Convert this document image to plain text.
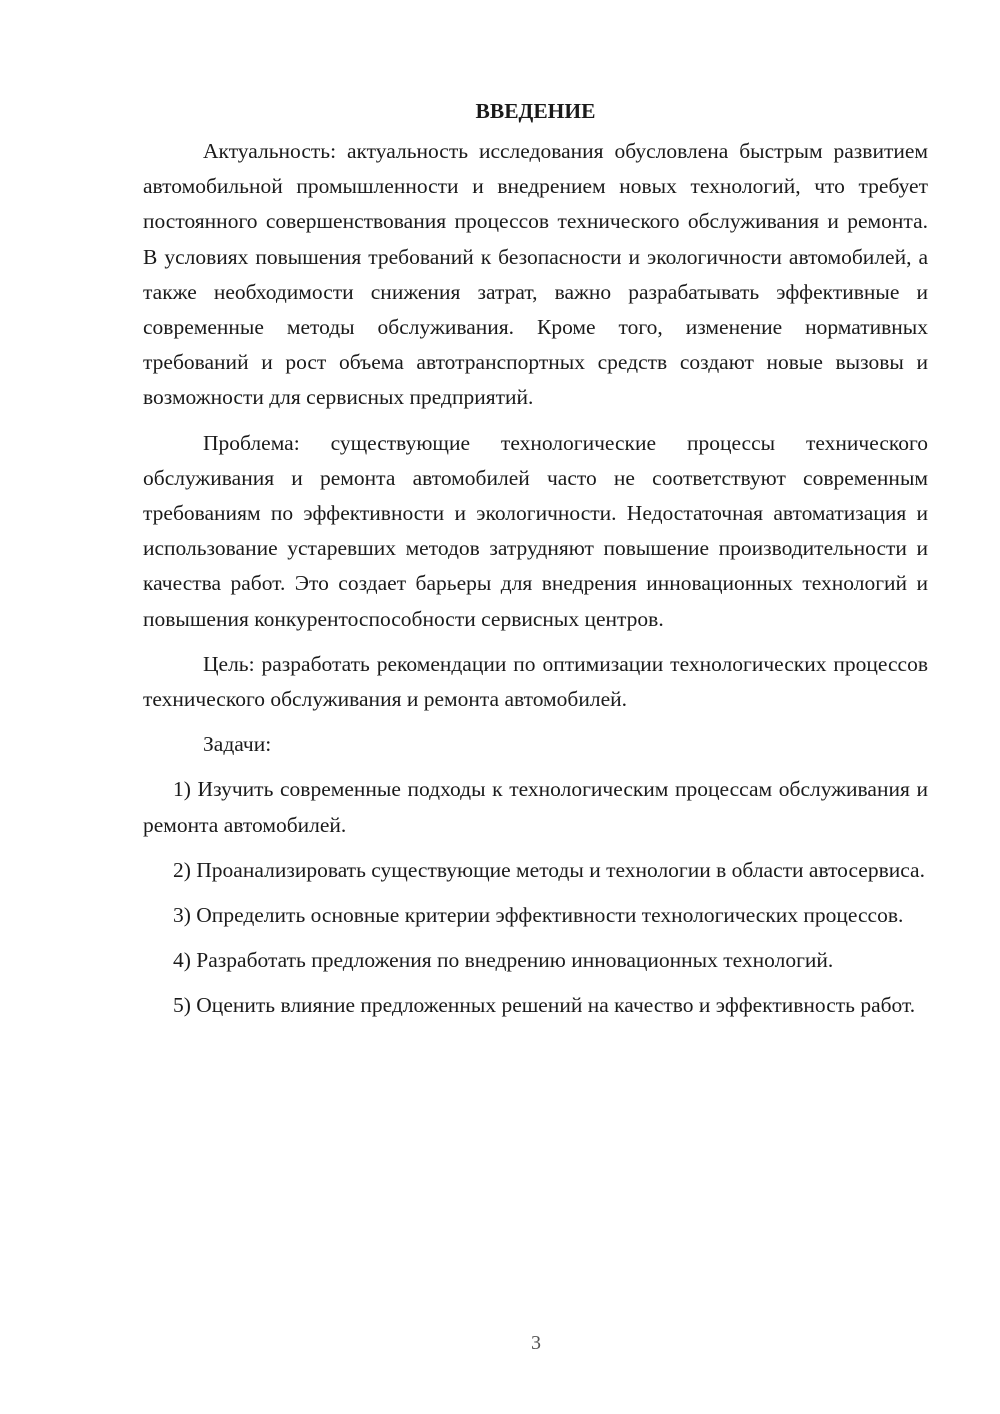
ВВЕДЕНИЕ

Актуальность: актуальность исследования обусловлена быстрым развитием автомобильной промышленности и внедрением новых технологий, что требует постоянного совершенствования процессов технического обслуживания и ремонта. В условиях повышения требований к безопасности и экологичности автомобилей, а также необходимости снижения затрат, важно разрабатывать эффективные и современные методы обслуживания. Кроме того, изменение нормативных требований и рост объема автотранспортных средств создают новые вызовы и возможности для сервисных предприятий.

Проблема: существующие технологические процессы технического обслуживания и ремонта автомобилей часто не соответствуют современным требованиям по эффективности и экологичности. Недостаточная автоматизация и использование устаревших методов затрудняют повышение производительности и качества работ. Это создает барьеры для внедрения инновационных технологий и повышения конкурентоспособности сервисных центров.

Цель: разработать рекомендации по оптимизации технологических процессов технического обслуживания и ремонта автомобилей.

Задачи:

1) Изучить современные подходы к технологическим процессам обслуживания и ремонта автомобилей.

2) Проанализировать существующие методы и технологии в области автосервиса.

3) Определить основные критерии эффективности технологических процессов.

4) Разработать предложения по внедрению инновационных технологий.

5) Оценить влияние предложенных решений на качество и эффективность работ.

3
